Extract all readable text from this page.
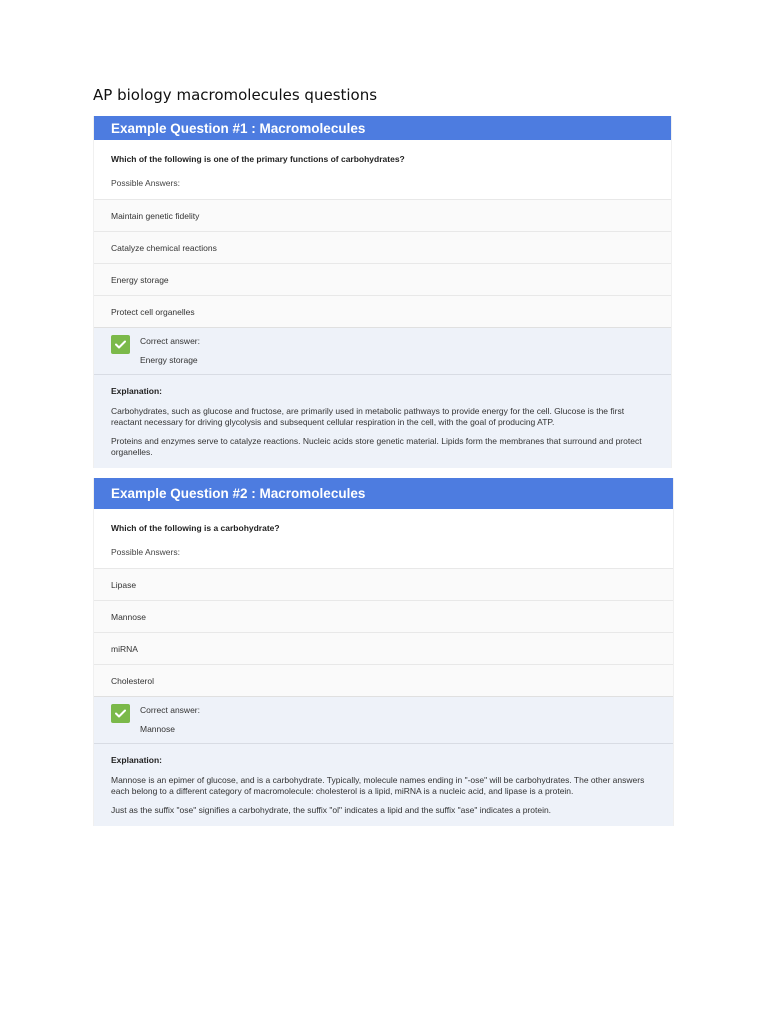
AP biology macromolecules questions
Example Question #1 : Macromolecules
Which of the following is one of the primary functions of carbohydrates?
Possible Answers:
Maintain genetic fidelity
Catalyze chemical reactions
Energy storage
Protect cell organelles
Correct answer:
Energy storage
Explanation:

Carbohydrates, such as glucose and fructose, are primarily used in metabolic pathways to provide energy for the cell. Glucose is the first reactant necessary for driving glycolysis and subsequent cellular respiration in the cell, with the goal of producing ATP.

Proteins and enzymes serve to catalyze reactions. Nucleic acids store genetic material. Lipids form the membranes that surround and protect organelles.

Example Question #2 : Macromolecules
Which of the following is a carbohydrate?
Possible Answers:
Lipase
Mannose
miRNA
Cholesterol
Correct answer:
Mannose
Explanation:

Mannose is an epimer of glucose, and is a carbohydrate. Typically, molecule names ending in "-ose" will be carbohydrates. The other answers each belong to a different category of macromolecule: cholesterol is a lipid, miRNA is a nucleic acid, and lipase is a protein.

Just as the suffix "ose" signifies a carbohydrate, the suffix "ol" indicates a lipid and the suffix "ase" indicates a protein.
